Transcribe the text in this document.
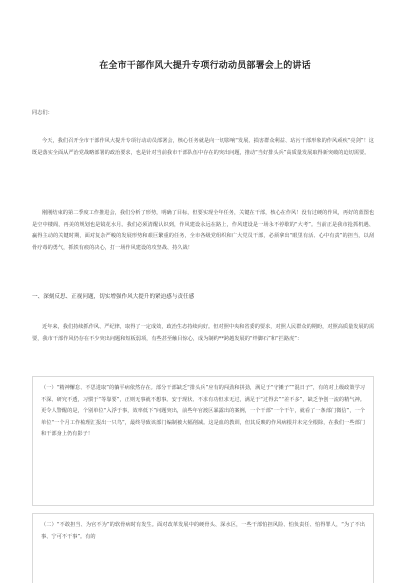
在全市干部作风大提升专项行动动员部署会上的讲话

同志们：

今天，我们召开全市干部作风大提升专项行动动员部署会，核心任务就是向一切影响“发展、损害群众利益、玷污干部形象的作风顽疾“亮剑”！这既是落实全面从严治党战略部署的政治要求，也是针对当前我市干部队伍中存在的突出问题，推动“当好排头兵”高质量发展取得新突破的迫切需要。

刚刚结束的第二季度工作推进会，我们分析了形势，明确了目标，但要实现全年任务，关键在干部，核心在作风！没有过硬的作风，再好的蓝图也是空中楼阁，再美的规划也是镜花水月。我们必须清醒认识到，作风建设永远在路上，作风建设是一场永不停歇的“大考”。当前正是我市抢抓机遇、赢得主动的关键时期，面对复杂严峻的发展形势和艰巨繁重的任务，全市各级党组织和广大党员干部，必须拿出“眼里有活、心中有责”的担当，以刮骨疗毒的勇气，抓铁有痕的决心，打一场作风建设的攻坚战、持久战！

一、深刻反思、正视问题，切实增强作风大提升的紧迫感与责任感

近年来，我们持续抓作风、严纪律，取得了一定成效，政治生态持续向好。但对照中央和省委的要求，对照人民群众的期盼，对照高质量发展的需要，我市干部作风仍存在不少突出问题和短板弱项，有些甚至触目惊心，成为制约**跨越发展的“绊脚石”和“拦路虎”：

（一）“精神懈怠、不思进取”的躺平病依然存在。部分干部缺乏“排头兵”应有的闯劲和拼劲，满足于“守摊子”“混日子”，有的对上级政策学习不深、研究不透，习惯于“等靠要”，正则无事就不想事。安于现状、不求有功但求无过，满足于“过得去”“差不多”，缺乏争创一流的精气神。更令人警醒的是，个别单位“入浮于事，效率低下”问题突出，前些年官渡区暴露出的案例，一个干部“一个干午，就看了一条部门微信”，一个单位“一个月工作梳理汇报出一只鸟”，最终导致该部门编制被大幅削减。这是血的教训，但其反映的作风病根并未完全根除，在我们一些部门和干部身上仍有影子！

（二）“不敢担当、为官不为”的软骨病时有发生。面对改革发展中的硬骨头、深水区，一些干部怕担风险、怕负责任、怕得罪人，“为了不出事、宁可不干事”。有的
